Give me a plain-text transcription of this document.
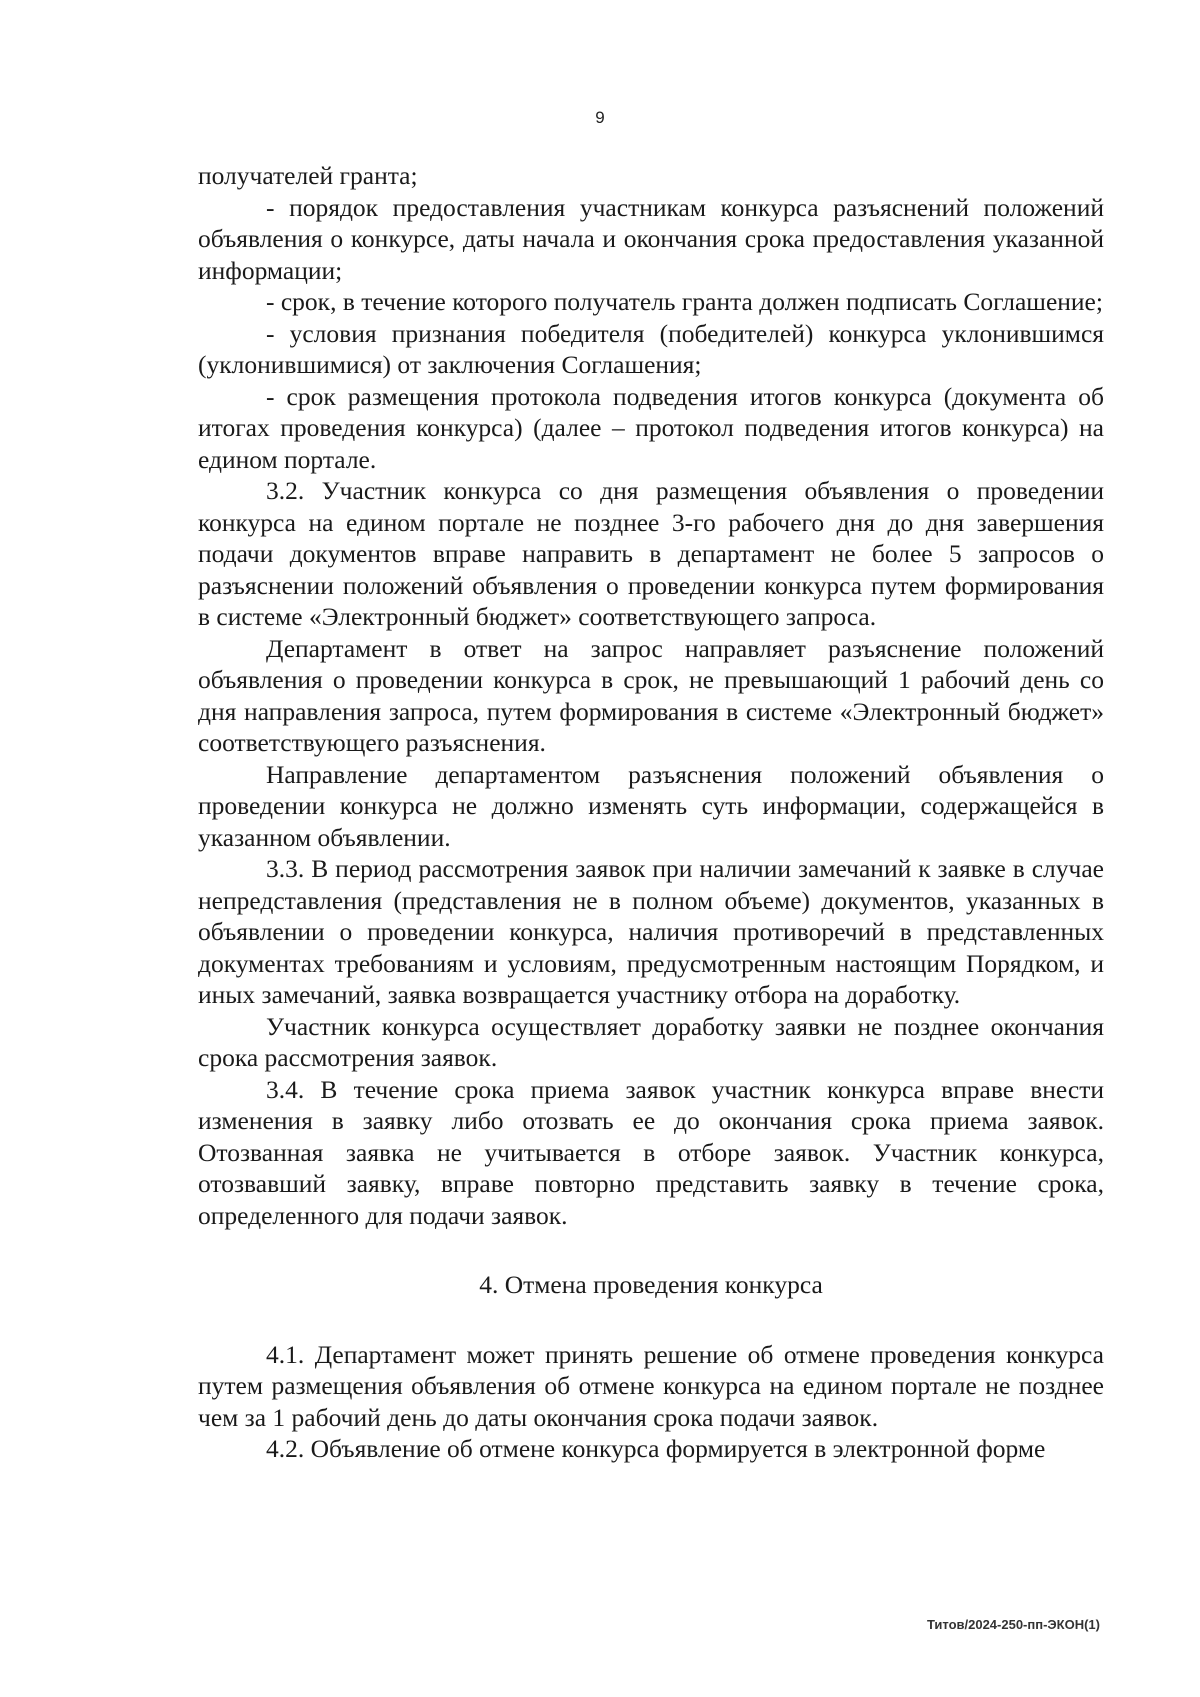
9

получателей гранта;

- порядок предоставления участникам конкурса разъяснений положений объявления о конкурсе, даты начала и окончания срока предоставления указанной информации;

- срок, в течение которого получатель гранта должен подписать Соглашение;

- условия признания победителя (победителей) конкурса уклонившимся (уклонившимися) от заключения Соглашения;

- срок размещения протокола подведения итогов конкурса (документа об итогах проведения конкурса) (далее – протокол подведения итогов конкурса) на едином портале.

3.2. Участник конкурса со дня размещения объявления о проведении конкурса на едином портале не позднее 3-го рабочего дня до дня завершения подачи документов вправе направить в департамент не более 5 запросов о разъяснении положений объявления о проведении конкурса путем формирования в системе «Электронный бюджет» соответствующего запроса.

Департамент в ответ на запрос направляет разъяснение положений объявления о проведении конкурса в срок, не превышающий 1 рабочий день со дня направления запроса, путем формирования в системе «Электронный бюджет» соответствующего разъяснения.

Направление департаментом разъяснения положений объявления о проведении конкурса не должно изменять суть информации, содержащейся в указанном объявлении.

3.3. В период рассмотрения заявок при наличии замечаний к заявке в случае непредставления (представления не в полном объеме) документов, указанных в объявлении о проведении конкурса, наличия противоречий в представленных документах требованиям и условиям, предусмотренным настоящим Порядком, и иных замечаний, заявка возвращается участнику отбора на доработку.

Участник конкурса осуществляет доработку заявки не позднее окончания срока рассмотрения заявок.

3.4. В течение срока приема заявок участник конкурса вправе внести изменения в заявку либо отозвать ее до окончания срока приема заявок. Отозванная заявка не учитывается в отборе заявок. Участник конкурса, отозвавший заявку, вправе повторно представить заявку в течение срока, определенного для подачи заявок.

4. Отмена проведения конкурса

4.1. Департамент может принять решение об отмене проведения конкурса путем размещения объявления об отмене конкурса на едином портале не позднее чем за 1 рабочий день до даты окончания срока подачи заявок.

4.2. Объявление об отмене конкурса формируется в электронной форме

Титов/2024-250-пп-ЭКОН(1)
